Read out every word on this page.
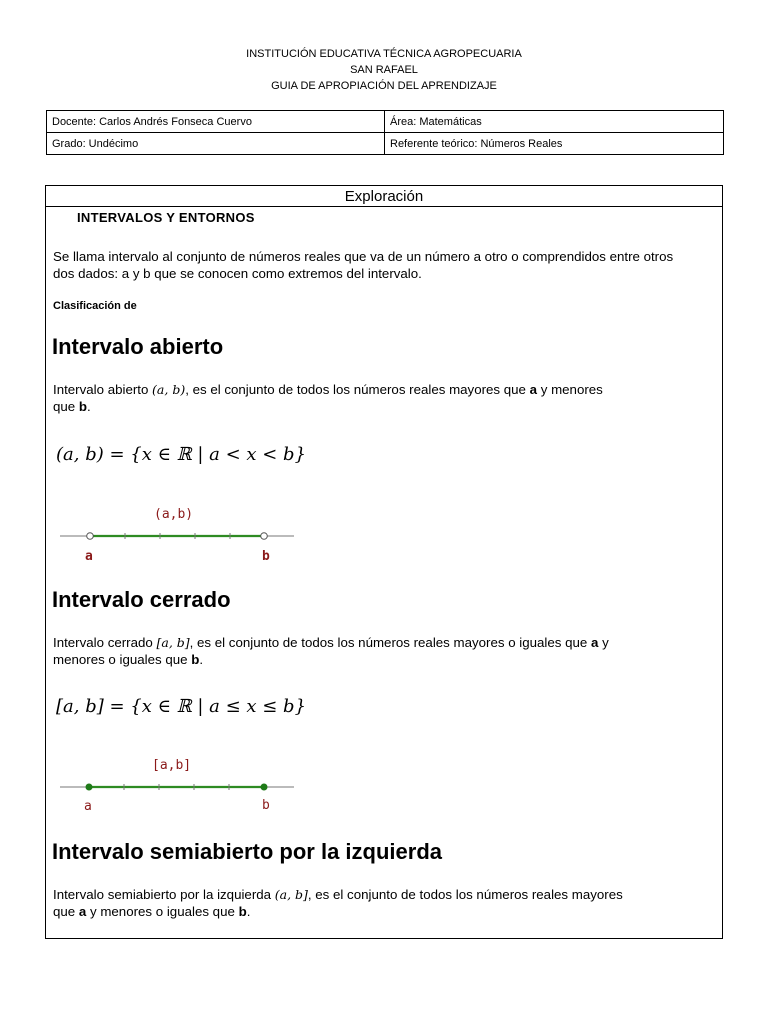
INSTITUCIÓN EDUCATIVA TÉCNICA AGROPECUARIA
SAN RAFAEL
GUIA DE APROPIACIÓN DEL APRENDIZAJE
Docente: Carlos Andrés Fonseca Cuervo	Área: Matemáticas
Grado: Undécimo	Referente teórico: Números Reales
Exploración
INTERVALOS Y ENTORNOS
Se llama intervalo al conjunto de números reales que va de un número a otro o comprendidos entre otros
dos dados: a y b que se conocen como extremos del intervalo.
Clasificación de
Intervalo abierto
Intervalo abierto (a, b), es el conjunto de todos los números reales mayores que a y menores
que b.
(a, b) = {x ∈ ℝ | a < x < b}
(a,b)
a	b
Intervalo cerrado
Intervalo cerrado [a, b], es el conjunto de todos los números reales mayores o iguales que a y
menores o iguales que b.
[a, b] = {x ∈ ℝ | a ≤ x ≤ b}
[a,b]
a	b
Intervalo semiabierto por la izquierda
Intervalo semiabierto por la izquierda (a, b], es el conjunto de todos los números reales mayores
que a y menores o iguales que b.
